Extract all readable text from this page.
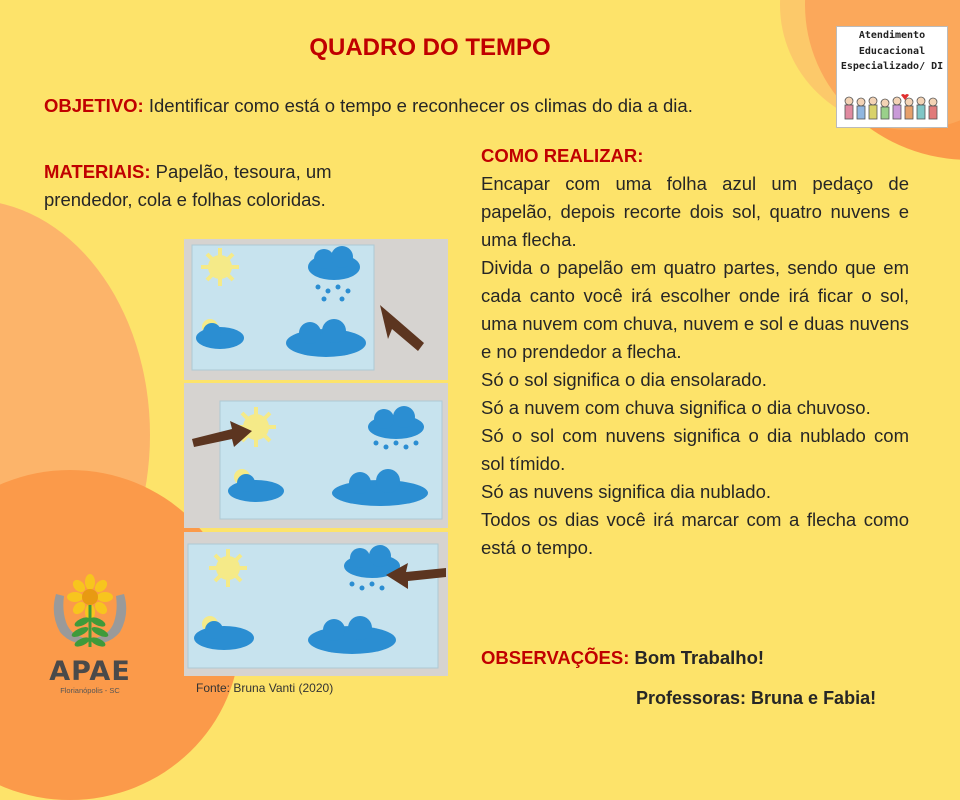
QUADRO DO TEMPO
OBJETIVO: Identificar como está o tempo e reconhecer os climas do dia a dia.
MATERIAIS: Papelão, tesoura, um prendedor, cola e folhas coloridas.

COMO REALIZAR:

Encapar com uma folha azul um pedaço de papelão, depois recorte dois sol, quatro nuvens e uma flecha.

Divida o papelão em quatro partes, sendo que em cada canto você irá escolher onde irá ficar o sol, uma nuvem com chuva, nuvem e sol e duas nuvens e no prendedor a flecha.

Só o sol significa o dia ensolarado.

Só a nuvem com chuva significa o dia chuvoso.

Só o sol com nuvens significa o dia nublado com sol tímido.

Só as nuvens significa dia nublado.

Todos os dias você irá marcar com a flecha como está o tempo.

OBSERVAÇÕES: Bom Trabalho!
Professoras: Bruna e Fabia!
Fonte: Bruna Vanti (2020)
Atendimento
Educacional
Especializado/ DI
APAE
Florianópolis - SC
